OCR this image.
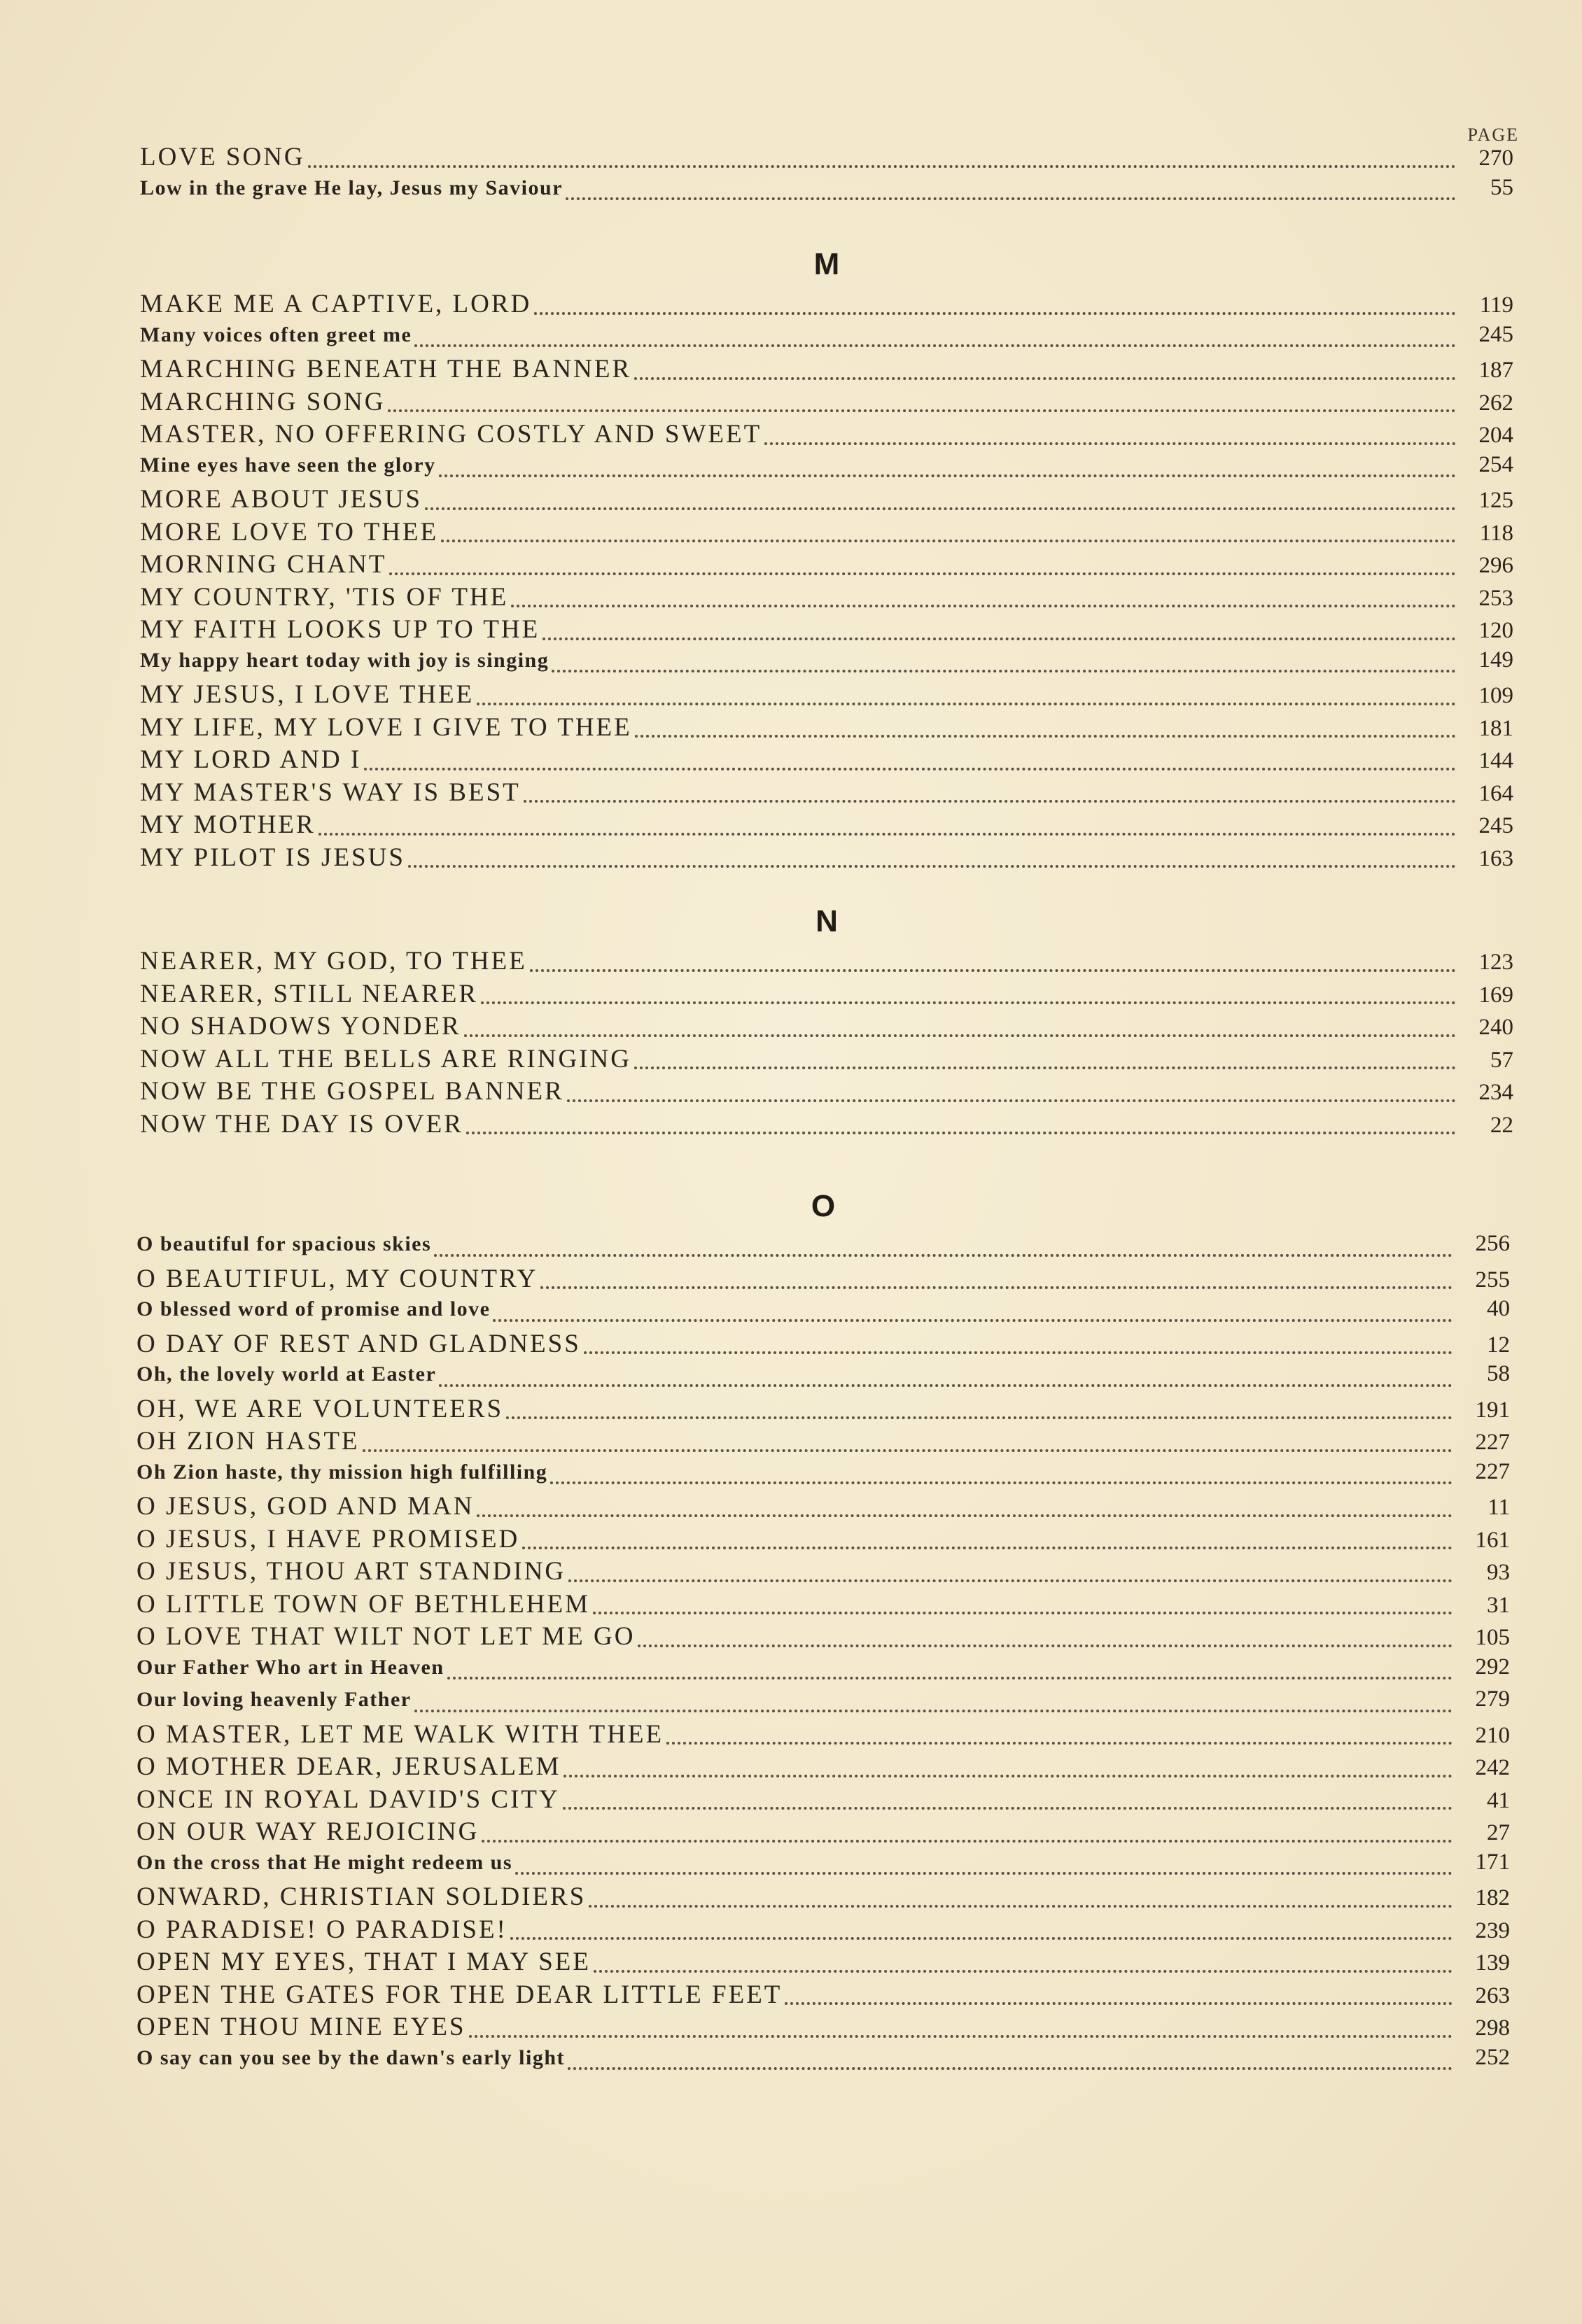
PAGE
LOVE SONG	270
Low in the grave He lay, Jesus my Saviour	55
M
MAKE ME A CAPTIVE, LORD	119
Many voices often greet me	245
MARCHING BENEATH THE BANNER	187
MARCHING SONG	262
MASTER, NO OFFERING COSTLY AND SWEET	204
Mine eyes have seen the glory	254
MORE ABOUT JESUS	125
MORE LOVE TO THEE	118
MORNING CHANT	296
MY COUNTRY, 'TIS OF THE	253
MY FAITH LOOKS UP TO THE	120
My happy heart today with joy is singing	149
MY JESUS, I LOVE THEE	109
MY LIFE, MY LOVE I GIVE TO THEE	181
MY LORD AND I	144
MY MASTER'S WAY IS BEST	164
MY MOTHER	245
MY PILOT IS JESUS	163
N
NEARER, MY GOD, TO THEE	123
NEARER, STILL NEARER	169
NO SHADOWS YONDER	240
NOW ALL THE BELLS ARE RINGING	57
NOW BE THE GOSPEL BANNER	234
NOW THE DAY IS OVER	22
O
O beautiful for spacious skies	256
O BEAUTIFUL, MY COUNTRY	255
O blessed word of promise and love	40
O DAY OF REST AND GLADNESS	12
Oh, the lovely world at Easter	58
OH, WE ARE VOLUNTEERS	191
OH ZION HASTE	227
Oh Zion haste, thy mission high fulfilling	227
O JESUS, GOD AND MAN	11
O JESUS, I HAVE PROMISED	161
O JESUS, THOU ART STANDING	93
O LITTLE TOWN OF BETHLEHEM	31
O LOVE THAT WILT NOT LET ME GO	105
Our Father Who art in Heaven	292
Our loving heavenly Father	279
O MASTER, LET ME WALK WITH THEE	210
O MOTHER DEAR, JERUSALEM	242
ONCE IN ROYAL DAVID'S CITY	41
ON OUR WAY REJOICING	27
On the cross that He might redeem us	171
ONWARD, CHRISTIAN SOLDIERS	182
O PARADISE! O PARADISE!	239
OPEN MY EYES, THAT I MAY SEE	139
OPEN THE GATES FOR THE DEAR LITTLE FEET	263
OPEN THOU MINE EYES	298
O say can you see by the dawn's early light	252
